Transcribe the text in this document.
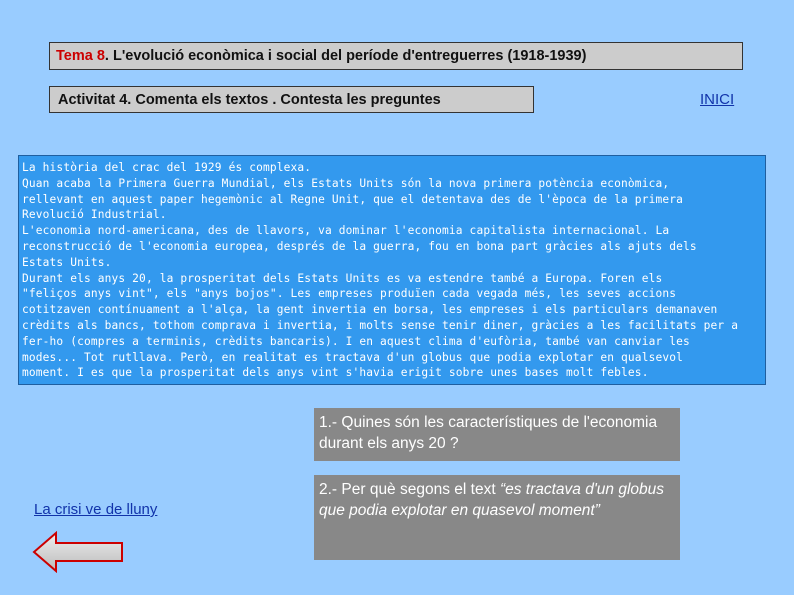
Tema 8 . L'evolució econòmica i social del període d'entreguerres (1918-1939)
Activitat 4. Comenta els textos . Contesta les preguntes	INICI
La història del crac del 1929 és complexa.
Quan acaba la Primera Guerra Mundial, els Estats Units són la nova primera potència econòmica,
rellevant en aquest paper hegemònic al Regne Unit, que el detentava des de l'època de la primera
Revolució Industrial.
L'economia nord-americana, des de llavors, va dominar l'economia capitalista internacional. La
reconstrucció de l'economia europea, després de la guerra, fou en bona part gràcies als ajuts dels
Estats Units.
Durant els anys 20, la prosperitat dels Estats Units es va estendre també a Europa. Foren els
"feliços anys vint", els "anys bojos". Les empreses produïen cada vegada més, les seves accions
cotitzaven contínuament a l'alça, la gent invertia en borsa, les empreses i els particulars demanaven
crèdits als bancs, tothom comprava i invertia, i molts sense tenir diner, gràcies a les facilitats per a
fer-ho (compres a terminis, crèdits bancaris). I en aquest clima d'eufòria, també van canviar les
modes... Tot rutllava. Però, en realitat es tractava d'un globus que podia explotar en qualsevol
moment. I es que la prosperitat dels anys vint s'havia erigit sobre unes bases molt febles.
1.- Quines són les característiques de l'economia durant els anys 20 ?
2.- Per què segons el text “es tractava d'un globus que podia explotar en quasevol moment”
La crisi ve de lluny
